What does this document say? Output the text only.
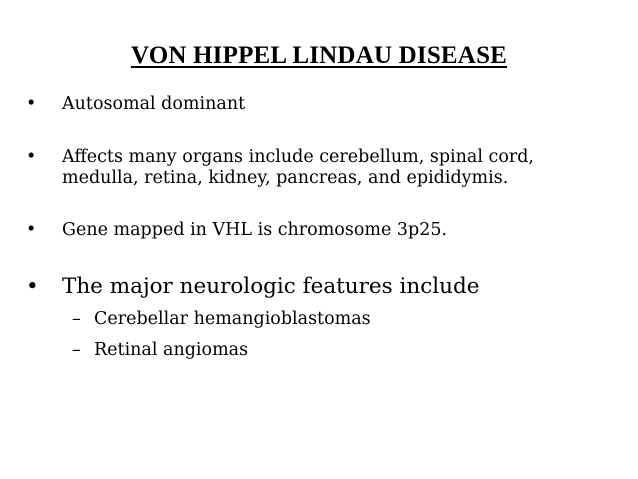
VON HIPPEL LINDAU DISEASE
•	Autosomal dominant
•	Affects many organs include cerebellum, spinal cord, medulla, retina, kidney, pancreas, and epididymis.
•	Gene mapped in VHL is chromosome 3p25.
•	The major neurologic features include
– Cerebellar hemangioblastomas
– Retinal angiomas
